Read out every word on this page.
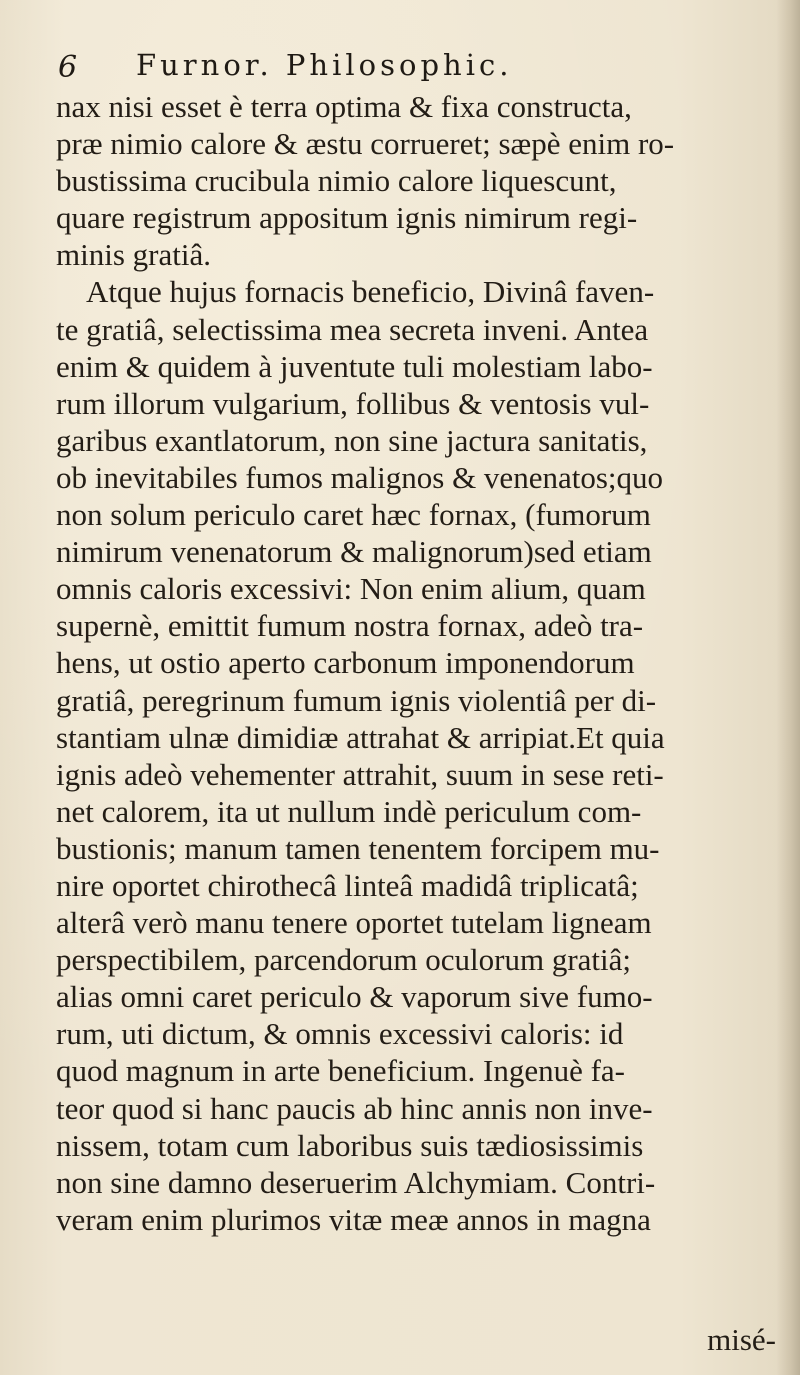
6 Furnor. Philosophic.
nax nisi esset è terra optima & fixa constructa,
præ nimio calore & æstu corrueret; sæpè enim ro-
bustissima crucibula nimio calore liquescunt,
quare registrum appositum ignis nimirum regi-
minis gratiâ.
Atque hujus fornacis beneficio, Divinâ faven-
te gratiâ, selectissima mea secreta inveni. Antea
enim & quidem à juventute tuli molestiam labo-
rum illorum vulgarium, follibus & ventosis vul-
garibus exantlatorum, non sine jactura sanitatis,
ob inevitabiles fumos malignos & venenatos;quo
non solum periculo caret hæc fornax, (fumorum
nimirum venenatorum & malignorum)sed etiam
omnis caloris excessivi: Non enim alium, quam
supernè, emittit fumum nostra fornax, adeò tra-
hens, ut ostio aperto carbonum imponendorum
gratiâ, peregrinum fumum ignis violentiâ per di-
stantiam ulnæ dimidiæ attrahat & arripiat.Et quia
ignis adeò vehementer attrahit, suum in sese reti-
net calorem, ita ut nullum indè periculum com-
bustionis; manum tamen tenentem forcipem mu-
nire oportet chirothecâ linteâ madidâ triplicatâ;
alterâ verò manu tenere oportet tutelam ligneam
perspectibilem, parcendorum oculorum gratiâ;
alias omni caret periculo & vaporum sive fumo-
rum, uti dictum, & omnis excessivi caloris: id
quod magnum in arte beneficium. Ingenuè fa-
teor quod si hanc paucis ab hinc annis non inve-
nissem, totam cum laboribus suis tædiosissimis
non sine damno deseruerim Alchymiam. Contri-
veram enim plurimos vitæ meæ annos in magna
misé-
